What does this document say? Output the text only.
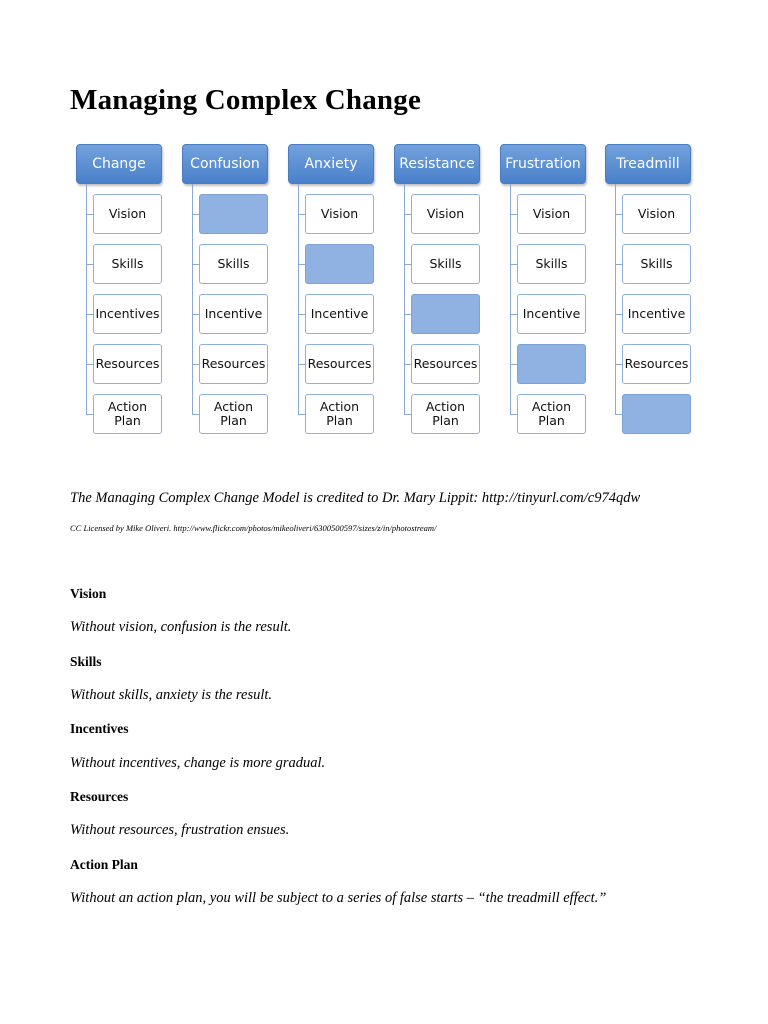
Managing Complex Change
Change
Vision
Skills
Incentives
Resources
Action
Plan
Confusion
Skills
Incentive
Resources
Action
Plan
Anxiety
Vision
Incentive
Resources
Action
Plan
Resistance
Vision
Skills
Resources
Action
Plan
Frustration
Vision
Skills
Incentive
Action
Plan
Treadmill
Vision
Skills
Incentive
Resources

The Managing Complex Change Model is credited to Dr. Mary Lippit: http://tinyurl.com/c974qdw

CC Licensed by Mike Oliveri. http://www.flickr.com/photos/mikeoliveri/6300500597/sizes/z/in/photostream/

Vision

Without vision, confusion is the result.

Skills

Without skills, anxiety is the result.

Incentives

Without incentives, change is more gradual.

Resources

Without resources, frustration ensues.

Action Plan

Without an action plan, you will be subject to a series of false starts – “the treadmill effect.”
